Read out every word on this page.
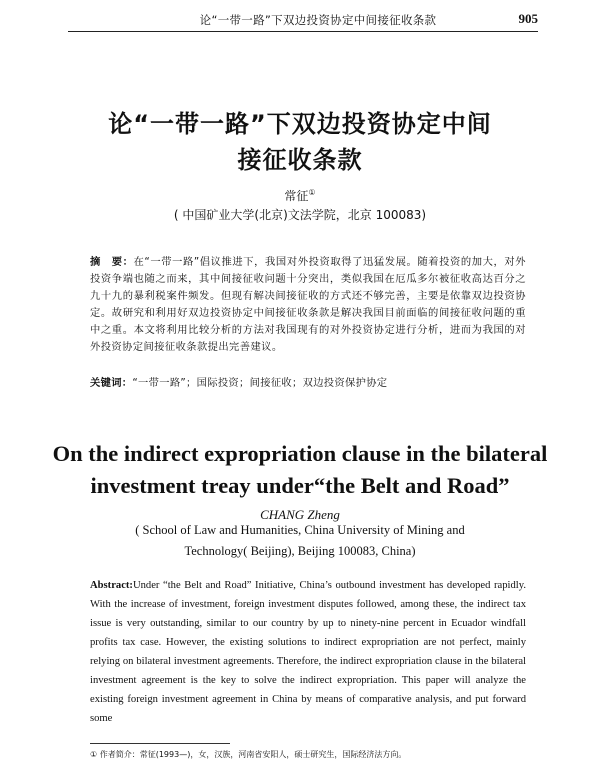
论“一带一路”下双边投资协定中间接征收条款	905
论“一带一路”下双边投资协定中间
接征收条款
常征①
( 中国矿业大学(北京)文法学院，北京 100083)
摘　要：在“一带一路”倡议推进下，我国对外投资取得了迅猛发展。随着投资的加大，对外投资争端也随之而来，其中间接征收问题十分突出，类似我国在厄瓜多尔被征收高达百分之九十九的暴利税案件频发。但现有解决间接征收的方式还不够完善，主要是依靠双边投资协定。故研究和利用好双边投资协定中间接征收条款是解决我国目前面临的间接征收问题的重中之重。本文将利用比较分析的方法对我国现有的对外投资协定进行分析，进而为我国的对外投资协定间接征收条款提出完善建议。
关键词：“一带一路”；国际投资；间接征收；双边投资保护协定
On the indirect expropriation clause in the bilateral
investment treay under“the Belt and Road”
CHANG Zheng
( School of Law and Humanities, China University of Mining and
Technology( Beijing), Beijing 100083, China)
Abstract:Under “the Belt and Road” Initiative, China’s outbound investment has developed rapidly. With the increase of investment, foreign investment disputes followed, among these, the indirect tax issue is very outstanding, similar to our country by up to ninety-nine percent in Ecuador windfall profits tax case. However, the existing solutions to indirect expropriation are not perfect, mainly relying on bilateral investment agreements. Therefore, the indirect expropriation clause in the bilateral investment agreement is the key to solve the indirect expropriation. This paper will analyze the existing foreign investment agreement in China by means of comparative analysis, and put forward some
① 作者简介：常征(1993—)，女，汉族，河南省安阳人，硕士研究生，国际经济法方向。
